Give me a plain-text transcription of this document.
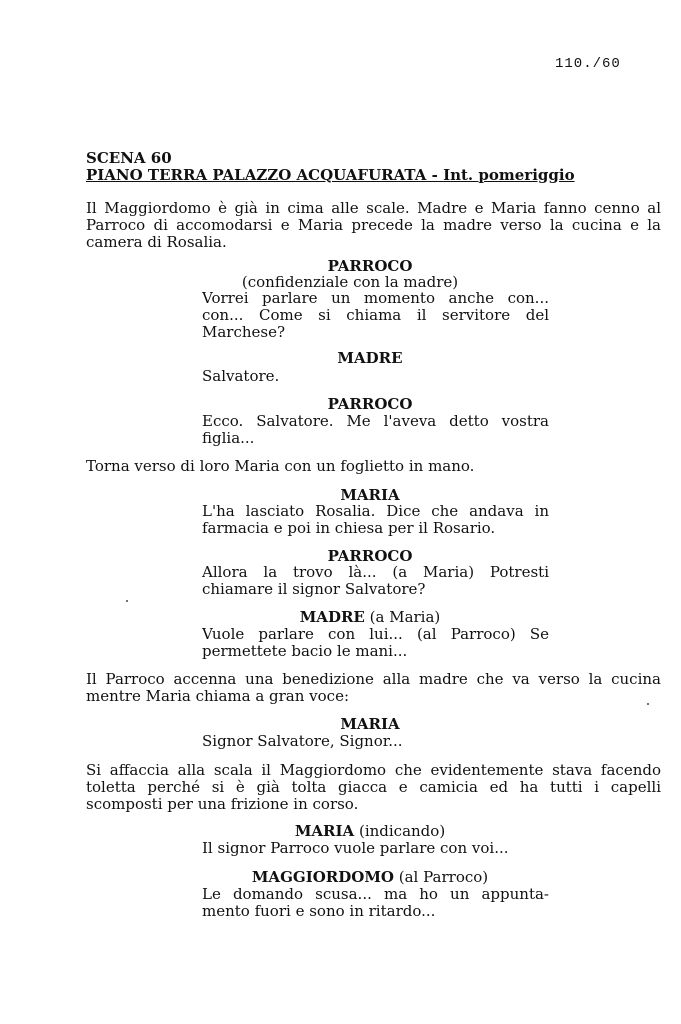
110./60
SCENA 60
PIANO TERRA PALAZZO ACQUAFURATA - Int. pomeriggio
Il Maggiordomo è già in cima alle scale. Madre e Maria fanno cenno al
Parroco di accomodarsi e Maria precede la madre verso la cucina e la
camera di Rosalia.
PARROCO
(confidenziale con la madre)
Vorrei parlare un momento anche con...
con... Come si chiama il servitore del
Marchese?
MADRE
Salvatore.
PARROCO
Ecco. Salvatore. Me l'aveva detto vostra
figlia...
Torna verso di loro Maria con un foglietto in mano.
MARIA
L'ha lasciato Rosalia. Dice che andava in
farmacia e poi in chiesa per il Rosario.
PARROCO
Allora la trovo là... (a Maria) Potresti
chiamare il signor Salvatore?
MADRE (a Maria)
Vuole parlare con lui... (al Parroco) Se
permettete bacio le mani...
Il Parroco accenna una benedizione alla madre che va verso la cucina
mentre Maria chiama a gran voce:
MARIA
Signor Salvatore, Signor...
Si affaccia alla scala il Maggiordomo che evidentemente stava facendo
toletta perché si è già tolta giacca e camicia ed ha tutti i capelli
scomposti per una frizione in corso.
MARIA (indicando)
Il signor Parroco vuole parlare con voi...
MAGGIORDOMO (al Parroco)
Le domando scusa... ma ho un appunta-
mento fuori e sono in ritardo...
